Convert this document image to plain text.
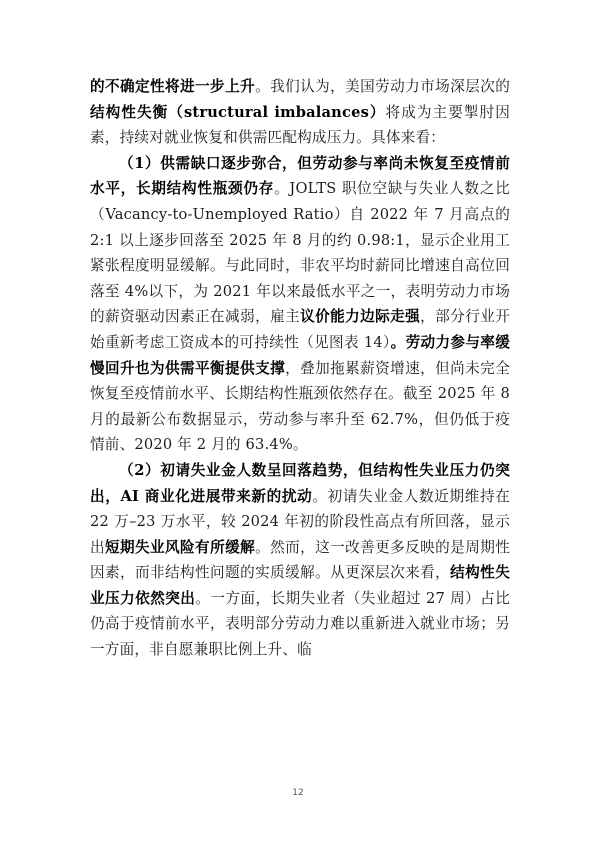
的不确定性将进一步上升。我们认为，美国劳动力市场深层次的结构性失衡（structural imbalances）将成为主要掣肘因素，持续对就业恢复和供需匹配构成压力。具体来看：

（1）供需缺口逐步弥合，但劳动参与率尚未恢复至疫情前水平，长期结构性瓶颈仍存。JOLTS 职位空缺与失业人数之比（Vacancy-to-Unemployed Ratio）自 2022 年 7 月高点的 2:1 以上逐步回落至 2025 年 8 月的约 0.98:1，显示企业用工紧张程度明显缓解。与此同时，非农平均时薪同比增速自高位回落至 4%以下，为 2021 年以来最低水平之一，表明劳动力市场的薪资驱动因素正在减弱，雇主议价能力边际走强，部分行业开始重新考虑工资成本的可持续性（见图表 14）。劳动力参与率缓慢回升也为供需平衡提供支撑，叠加拖累薪资增速，但尚未完全恢复至疫情前水平、长期结构性瓶颈依然存在。截至 2025 年 8 月的最新公布数据显示，劳动参与率升至 62.7%，但仍低于疫情前、2020 年 2 月的 63.4%。

（2）初请失业金人数呈回落趋势，但结构性失业压力仍突出，AI 商业化进展带来新的扰动。初请失业金人数近期维持在 22 万–23 万水平，较 2024 年初的阶段性高点有所回落，显示出短期失业风险有所缓解。然而，这一改善更多反映的是周期性因素，而非结构性问题的实质缓解。从更深层次来看，结构性失业压力依然突出。一方面，长期失业者（失业超过 27 周）占比仍高于疫情前水平，表明部分劳动力难以重新进入就业市场；另一方面，非自愿兼职比例上升、临

12
